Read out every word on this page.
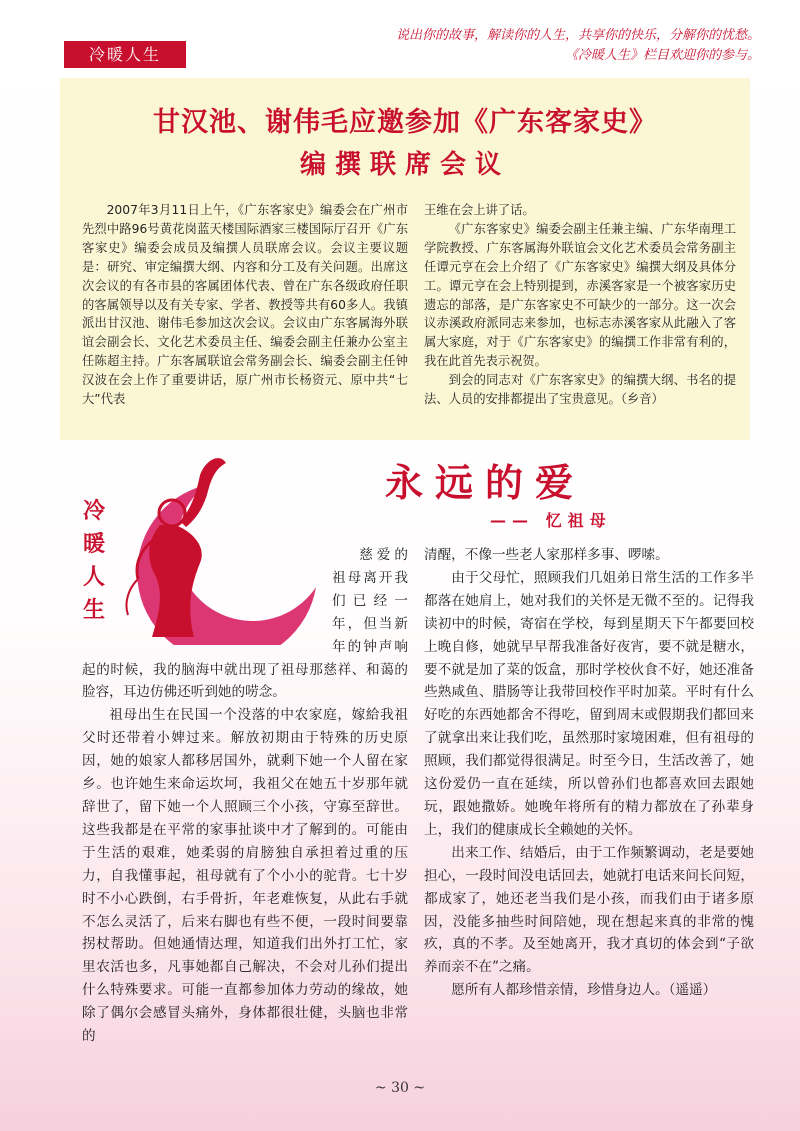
冷暖人生
说出你的故事，解读你的人生，共享你的快乐，分解你的忧愁。
《冷暖人生》栏目欢迎你的参与。
甘汉池、谢伟毛应邀参加《广东客家史》
编撰联席会议

2007年3月11日上午，《广东客家史》编委会在广州市先烈中路96号黄花岗蓝天楼国际酒家三楼国际厅召开《广东客家史》编委会成员及编撰人员联席会议。会议主要议题是：研究、审定编撰大纲、内容和分工及有关问题。出席这次会议的有各市县的客属团体代表、曾在广东各级政府任职的客属领导以及有关专家、学者、教授等共有60多人。我镇派出甘汉池、谢伟毛参加这次会议。会议由广东客属海外联谊会副会长、文化艺术委员主任、编委会副主任兼办公室主任陈超主持。广东客属联谊会常务副会长、编委会副主任钟汉波在会上作了重要讲话，原广州市长杨资元、原中共“七大”代表

王维在会上讲了话。

《广东客家史》编委会副主任兼主编、广东华南理工学院教授、广东客属海外联谊会文化艺术委员会常务副主任谭元亨在会上介绍了《广东客家史》编撰大纲及具体分工。谭元亨在会上特别提到，赤溪客家是一个被客家历史遗忘的部落，是广东客家史不可缺少的一部分。这一次会议赤溪政府派同志来参加，也标志赤溪客家从此融入了客属大家庭，对于《广东客家史》的编撰工作非常有利的，我在此首先表示祝贺。

到会的同志对《广东客家史》的编撰大纲、书名的提法、人员的安排都提出了宝贵意见。（乡音）

冷暖人生
永远的爱
—— 忆祖母

慈爱的祖母离开我们已经一年，但当新年的钟声响起的时候，我的脑海中就出现了祖母那慈祥、和蔼的脸容，耳边仿佛还听到她的唠念。

祖母出生在民国一个没落的中农家庭，嫁給我祖父时还带着小婢过来。解放初期由于特殊的历史原因，她的娘家人都移居国外，就剩下她一个人留在家乡。也许她生来命运坎坷，我祖父在她五十岁那年就辞世了，留下她一个人照顾三个小孩，守寡至辞世。这些我都是在平常的家事扯谈中才了解到的。可能由于生活的艰难，她柔弱的肩膀独自承担着过重的压力，自我懂事起，祖母就有了个小小的驼背。七十岁时不小心跌倒，右手骨折，年老难恢复，从此右手就不怎么灵活了，后来右脚也有些不便，一段时间要靠拐杖帮助。但她通情达理，知道我们出外打工忙，家里农活也多，凡事她都自己解决，不会对儿孙们提出什么特殊要求。可能一直都参加体力劳动的缘故，她除了偶尔会感冒头痛外，身体都很壮健，头脑也非常的

清醒，不像一些老人家那样多事、啰嗦。

由于父母忙，照顾我们几姐弟日常生活的工作多半都落在她肩上，她对我们的关怀是无微不至的。记得我读初中的时候，寄宿在学校，每到星期天下午都要回校上晚自修，她就早早帮我准备好夜宵，要不就是糖水，要不就是加了菜的饭盒，那时学校伙食不好，她还准备些熟咸鱼、腊肠等让我带回校作平时加菜。平时有什么好吃的东西她都舍不得吃，留到周末或假期我们都回来了就拿出来让我们吃，虽然那时家境困难，但有祖母的照顾，我们都觉得很满足。时至今日，生活改善了，她这份爱仍一直在延续，所以曾孙们也都喜欢回去跟她玩，跟她撒娇。她晚年将所有的精力都放在了孙辈身上，我们的健康成长全赖她的关怀。

出来工作、结婚后，由于工作频繁调动，老是要她担心，一段时间没电话回去，她就打电话来问长问短，都成家了，她还老当我们是小孩，而我们由于诸多原因，没能多抽些时间陪她，现在想起来真的非常的愧疚，真的不孝。及至她离开，我才真切的体会到“子欲养而亲不在”之痛。

愿所有人都珍惜亲情，珍惜身边人。（遥遥）

~ 30 ~
